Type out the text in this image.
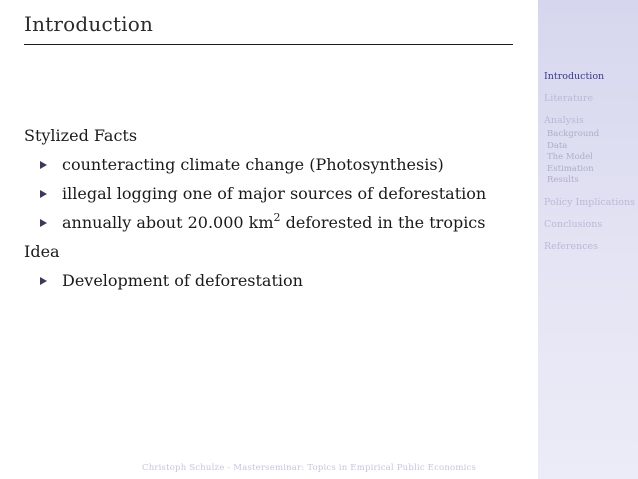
Introduction
Stylized Facts
counteracting climate change (Photosynthesis)
illegal logging one of major sources of deforestation
annually about 20.000 $km^2$ deforested in the tropics
Idea
Development of deforestation
Christoph Schulze - Masterseminar: Topics in Empirical Public Economics
Introduction
Literature
Analysis
Background
Data
The Model
Estimation
Results
Policy Implications
Conclusions
References
